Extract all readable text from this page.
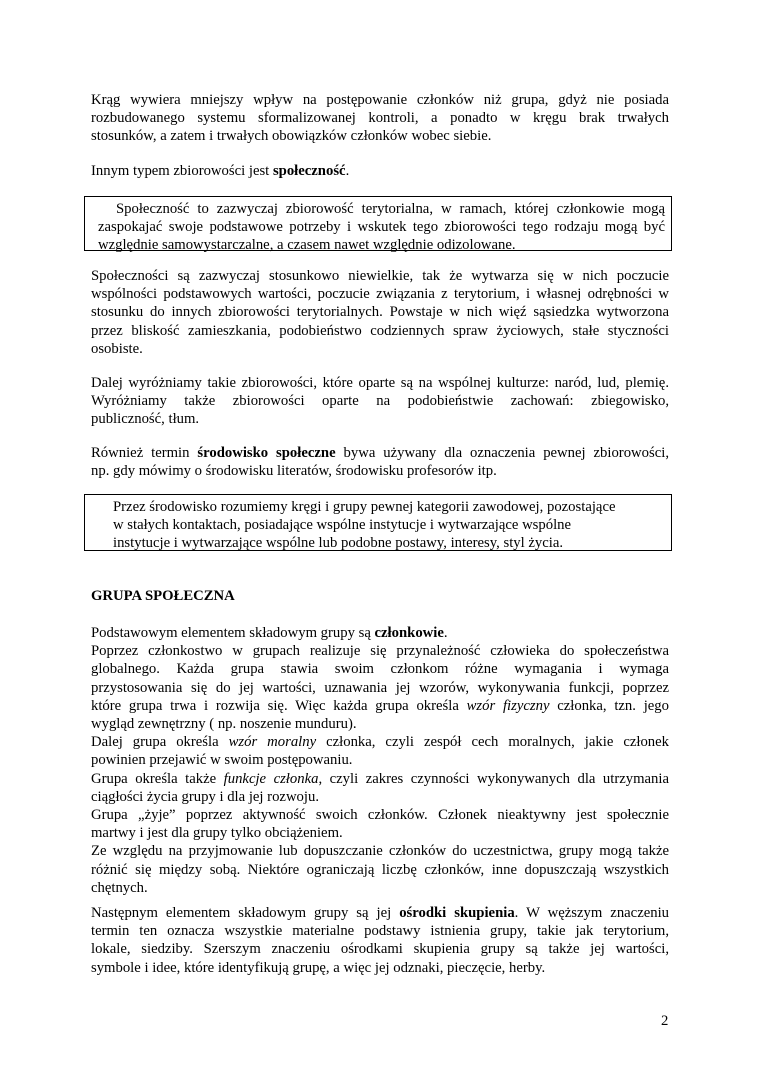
Krąg wywiera mniejszy wpływ na postępowanie członków niż grupa, gdyż nie posiada
rozbudowanego systemu sformalizowanej kontroli, a ponadto w kręgu brak trwałych
stosunków, a zatem i trwałych obowiązków członków wobec siebie.

Innym typem zbiorowości jest społeczność.

Społeczność to zazwyczaj zbiorowość terytorialna, w ramach, której członkowie mogą
zaspokajać swoje podstawowe potrzeby i wskutek tego zbiorowości tego rodzaju mogą być
względnie samowystarczalne, a czasem nawet względnie odizolowane.

Społeczności są zazwyczaj stosunkowo niewielkie, tak że wytwarza się w nich poczucie
wspólności podstawowych wartości, poczucie związania z terytorium, i własnej odrębności w
stosunku do innych zbiorowości terytorialnych. Powstaje w nich więź sąsiedzka wytworzona
przez bliskość zamieszkania, podobieństwo codziennych spraw życiowych, stałe styczności
osobiste.

Dalej wyróżniamy takie zbiorowości, które oparte są na wspólnej kulturze: naród, lud, plemię.
Wyróżniamy także zbiorowości oparte na podobieństwie zachowań: zbiegowisko,
publiczność, tłum.

Również termin środowisko społeczne bywa używany dla oznaczenia pewnej zbiorowości,
np. gdy mówimy o środowisku literatów, środowisku profesorów itp.

Przez środowisko rozumiemy kręgi i grupy pewnej kategorii zawodowej, pozostające
w stałych kontaktach, posiadające wspólne instytucje i wytwarzające wspólne
instytucje i wytwarzające wspólne lub podobne postawy, interesy, styl życia.

GRUPA SPOŁECZNA

Podstawowym elementem składowym grupy są członkowie.
Poprzez członkostwo w grupach realizuje się przynależność człowieka do społeczeństwa
globalnego. Każda grupa stawia swoim członkom różne wymagania i wymaga
przystosowania się do jej wartości, uznawania jej wzorów, wykonywania funkcji, poprzez
które grupa trwa i rozwija się. Więc każda grupa określa wzór fizyczny członka, tzn. jego
wygląd zewnętrzny ( np. noszenie munduru).
Dalej grupa określa wzór moralny członka, czyli zespół cech moralnych, jakie członek
powinien przejawić w swoim postępowaniu.
Grupa określa także funkcje członka, czyli zakres czynności wykonywanych dla utrzymania
ciągłości życia grupy i dla jej rozwoju.
Grupa „żyje” poprzez aktywność swoich członków. Członek nieaktywny jest społecznie
martwy i jest dla grupy tylko obciążeniem.
Ze względu na przyjmowanie lub dopuszczanie członków do uczestnictwa, grupy mogą także
różnić się między sobą. Niektóre ograniczają liczbę członków, inne dopuszczają wszystkich
chętnych.

Następnym elementem składowym grupy są jej ośrodki skupienia. W węższym znaczeniu
termin ten oznacza wszystkie materialne podstawy istnienia grupy, takie jak terytorium,
lokale, siedziby. Szerszym znaczeniu ośrodkami skupienia grupy są także jej wartości,
symbole i idee, które identyfikują grupę, a więc jej odznaki, pieczęcie, herby.

2
